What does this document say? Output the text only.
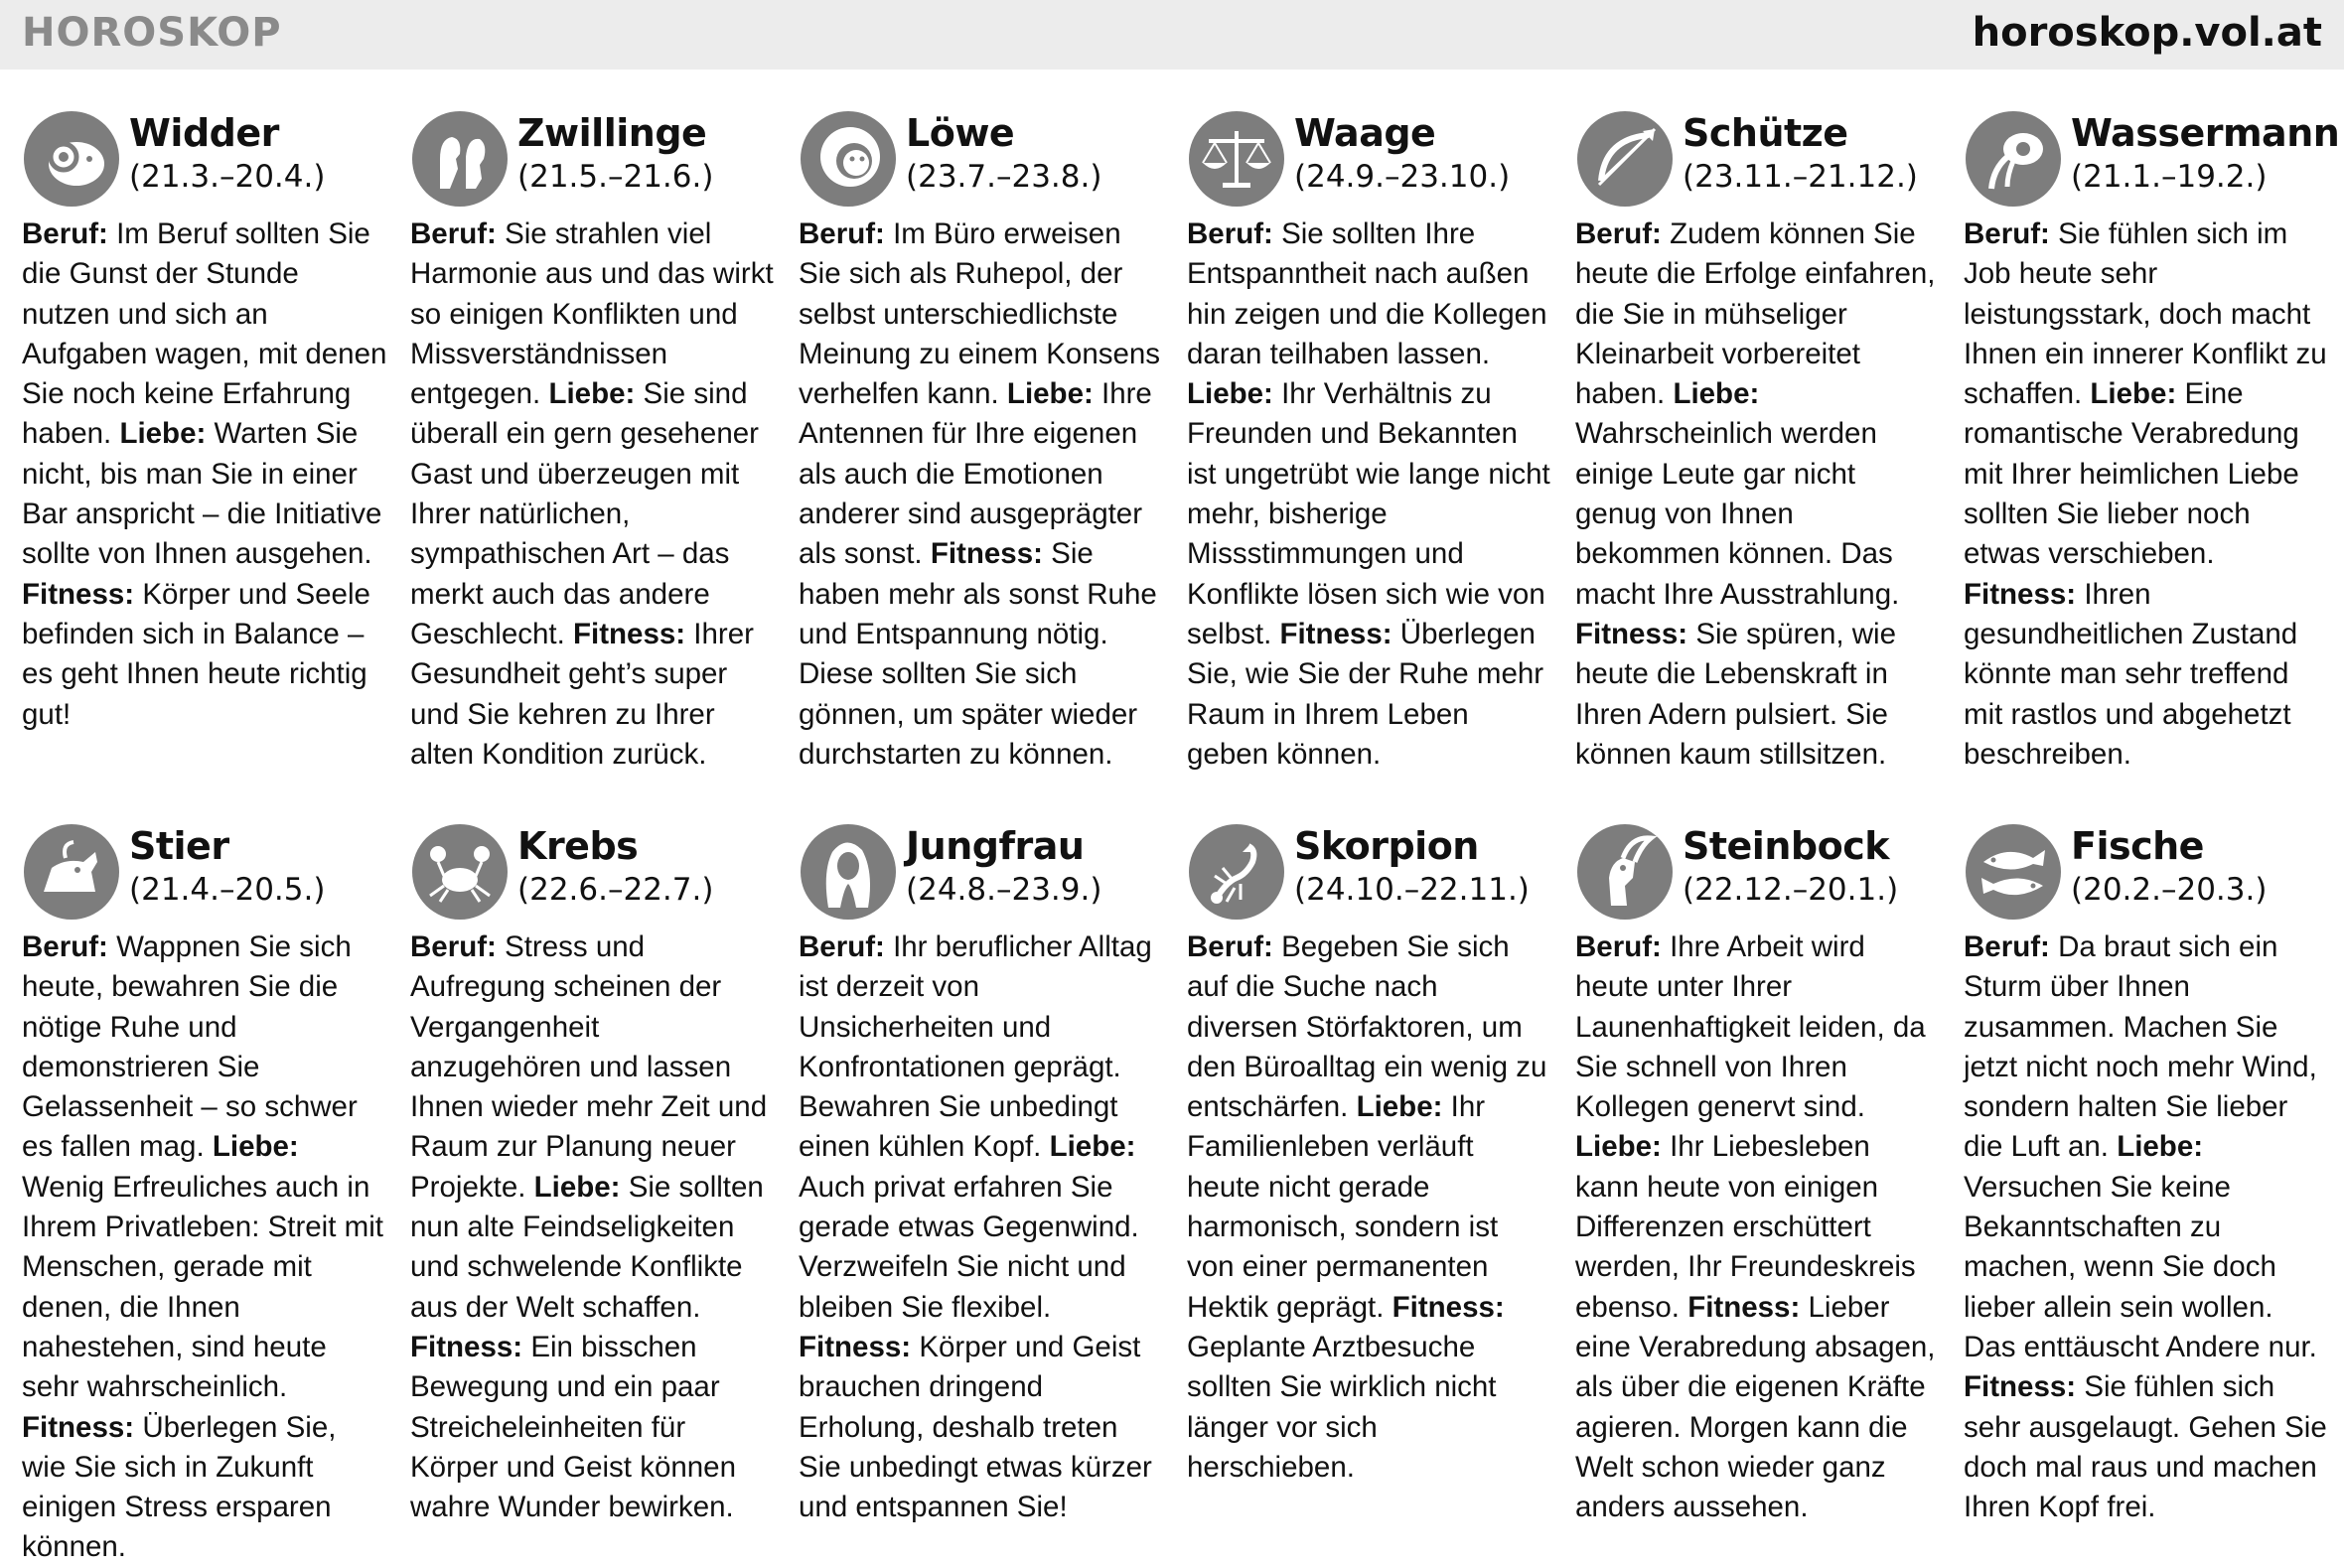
HOROSKOP	horoskop.vol.at
Widder
(21.3.–20.4.)
Beruf: Im Beruf sollten Sie die Gunst der Stunde nutzen und sich an Aufgaben wagen, mit denen Sie noch keine Erfahrung haben. Liebe: Warten Sie nicht, bis man Sie in einer Bar anspricht – die Initiative sollte von Ihnen ausgehen. Fitness: Körper und Seele befinden sich in Balance – es geht Ihnen heute richtig gut!
Zwillinge
(21.5.–21.6.)
Beruf: Sie strahlen viel Harmonie aus und das wirkt so einigen Konflikten und Missverständnissen entgegen. Liebe: Sie sind überall ein gern gesehener Gast und überzeugen mit Ihrer natürlichen, sympathischen Art – das merkt auch das andere Geschlecht. Fitness: Ihrer Gesundheit geht’s super und Sie kehren zu Ihrer alten Kondition zurück.
Löwe
(23.7.–23.8.)
Beruf: Im Büro erweisen Sie sich als Ruhepol, der selbst unterschiedlichste Meinung zu einem Konsens verhelfen kann. Liebe: Ihre Antennen für Ihre eigenen als auch die Emotionen anderer sind ausgeprägter als sonst. Fitness: Sie haben mehr als sonst Ruhe und Entspannung nötig. Diese sollten Sie sich gönnen, um später wieder durchstarten zu können.
Waage
(24.9.–23.10.)
Beruf: Sie sollten Ihre Entspanntheit nach außen hin zeigen und die Kollegen daran teilhaben lassen. Liebe: Ihr Verhältnis zu Freunden und Bekannten ist ungetrübt wie lange nicht mehr, bisherige Missstimmungen und Konflikte lösen sich wie von selbst. Fitness: Überlegen Sie, wie Sie der Ruhe mehr Raum in Ihrem Leben geben können.
Schütze
(23.11.–21.12.)
Beruf: Zudem können Sie heute die Erfolge einfahren, die Sie in mühseliger Kleinarbeit vorbereitet haben. Liebe: Wahrscheinlich werden einige Leute gar nicht genug von Ihnen bekommen können. Das macht Ihre Ausstrahlung. Fitness: Sie spüren, wie heute die Lebenskraft in Ihren Adern pulsiert. Sie können kaum stillsitzen.
Wassermann
(21.1.–19.2.)
Beruf: Sie fühlen sich im Job heute sehr leistungsstark, doch macht Ihnen ein innerer Konflikt zu schaffen. Liebe: Eine romantische Verabredung mit Ihrer heimlichen Liebe sollten Sie lieber noch etwas verschieben. Fitness: Ihren gesundheitlichen Zustand könnte man sehr treffend mit rastlos und abgehetzt beschreiben.
Stier
(21.4.–20.5.)
Beruf: Wappnen Sie sich heute, bewahren Sie die nötige Ruhe und demonstrieren Sie Gelassenheit – so schwer es fallen mag. Liebe: Wenig Erfreuliches auch in Ihrem Privatleben: Streit mit Menschen, gerade mit denen, die Ihnen nahestehen, sind heute sehr wahrscheinlich. Fitness: Überlegen Sie, wie Sie sich in Zukunft einigen Stress ersparen können.
Krebs
(22.6.–22.7.)
Beruf: Stress und Aufregung scheinen der Vergangenheit anzugehören und lassen Ihnen wieder mehr Zeit und Raum zur Planung neuer Projekte. Liebe: Sie sollten nun alte Feindseligkeiten und schwelende Konflikte aus der Welt schaffen. Fitness: Ein bisschen Bewegung und ein paar Streicheleinheiten für Körper und Geist können wahre Wunder bewirken.
Jungfrau
(24.8.–23.9.)
Beruf: Ihr beruflicher Alltag ist derzeit von Unsicherheiten und Konfrontationen geprägt. Bewahren Sie unbedingt einen kühlen Kopf. Liebe: Auch privat erfahren Sie gerade etwas Gegenwind. Verzweifeln Sie nicht und bleiben Sie flexibel. Fitness: Körper und Geist brauchen dringend Erholung, deshalb treten Sie unbedingt etwas kürzer und entspannen Sie!
Skorpion
(24.10.–22.11.)
Beruf: Begeben Sie sich auf die Suche nach diversen Störfaktoren, um den Büroalltag ein wenig zu entschärfen. Liebe: Ihr Familienleben verläuft heute nicht gerade harmonisch, sondern ist von einer permanenten Hektik geprägt. Fitness: Geplante Arztbesuche sollten Sie wirklich nicht länger vor sich herschieben.
Steinbock
(22.12.–20.1.)
Beruf: Ihre Arbeit wird heute unter Ihrer Launenhaftigkeit leiden, da Sie schnell von Ihren Kollegen genervt sind. Liebe: Ihr Liebesleben kann heute von einigen Differenzen erschüttert werden, Ihr Freundeskreis ebenso. Fitness: Lieber eine Verabredung absagen, als über die eigenen Kräfte agieren. Morgen kann die Welt schon wieder ganz anders aussehen.
Fische
(20.2.–20.3.)
Beruf: Da braut sich ein Sturm über Ihnen zusammen. Machen Sie jetzt nicht noch mehr Wind, sondern halten Sie lieber die Luft an. Liebe: Versuchen Sie keine Bekanntschaften zu machen, wenn Sie doch lieber allein sein wollen. Das enttäuscht Andere nur. Fitness: Sie fühlen sich sehr ausgelaugt. Gehen Sie doch mal raus und machen Ihren Kopf frei.
